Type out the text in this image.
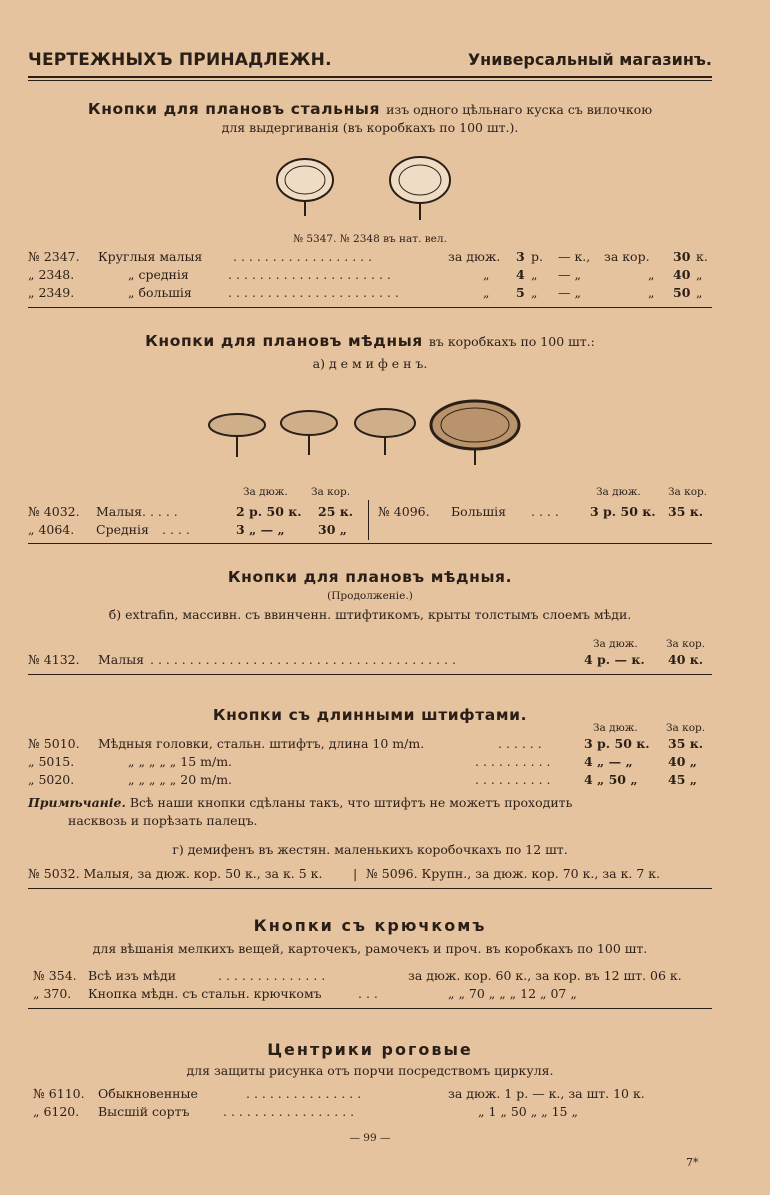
ЧЕРТЕЖНЫХЪ ПРИНАДЛЕЖН.	Универсальный магазинъ.
Кнопки для плановъ стальныя изъ одного цѣльнаго куска съ вилочкою
для выдергиванія (въ коробкахъ по 100 шт.).
№ 5347. № 2348 въ нат. вел.
№ 2347. Круглыя малыя . . . . . . . . . . . . . . . . . .	за дюж. 3 р. — к., за кор. 30 к.
„ 2348.	„ среднія	. . . . . . . . . . . . . . . . . . . . .	„ 4 „ — „	„ 40 „
„ 2349.	„ большія	. . . . . . . . . . . . . . . . . . . . . .	„ 5 „ — „	„ 50 „
Кнопки для плановъ мѣдныя въ коробкахъ по 100 шт.:
а) д е м и ф е н ъ.
За дюж. За кор.	За дюж.	За кор.
№ 4032. Малыя . . . . .	2 р. 50 к. 25 к. № 4096. Большія . . . . 3 р. 50 к. 35 к.
„ 4064. Среднія . . . .	3 „ — „	30 „
Кнопки для плановъ мѣдныя.
(Продолженіе.)
б) extrafin, массивн. съ ввинченн. штифтикомъ, крыты толстымъ слоемъ мѣди.
За дюж.	За кор.
№ 4132. Малыя . . . . . . . . . . . . . . . . . . . . . . . . . . . . . . . . . . . . . . .	4 р. — к. 40 к.
Кнопки съ длинными штифтами.
За дюж.	За кор.
№ 5010. Мѣдныя головки, стальн. штифтъ, длина 10 m/m.	. . . . . .	3 р. 50 к. 35 к.
„ 5015.	„ „ „ „ „ 15 m/m.	. . . . . . . . . .	4 „ — „	40 „
„ 5020.	„ „ „ „ „ 20 m/m.	. . . . . . . . . .	4 „ 50 „ 45 „
Примѣчаніе. Всѣ наши кнопки сдѣланы такъ, что штифтъ не можетъ проходить
насквозь и порѣзать палецъ.
г) демифенъ въ жестян. маленькихъ коробочкахъ по 12 шт.
№ 5032. Малыя, за дюж. кор. 50 к., за к. 5 к. | № 5096. Крупн., за дюж. кор. 70 к., за к. 7 к.
Кнопки съ крючкомъ
для вѣшанія мелкихъ вещей, карточекъ, рамочекъ и проч. въ коробкахъ по 100 шт.
№ 354. Всѣ изъ мѣди	. . . . . . . . . . . . . .	за дюж. кор. 60 к., за кор. въ 12 шт. 06 к.
„ 370. Кнопка мѣдн. съ стальн. крючкомъ	. . .	„ „ 70 „ „ „ 12 „ 07 „
Центрики роговые
для защиты рисунка отъ порчи посредствомъ циркуля.
№ 6110. Обыкновенные	. . . . . . . . . . . . . . .	за дюж. 1 р. — к., за шт. 10 к.
„ 6120. Высшій сортъ	. . . . . . . . . . . . . . . . .	„ 1 „ 50 „ „ 15 „
— 99 —
7*
